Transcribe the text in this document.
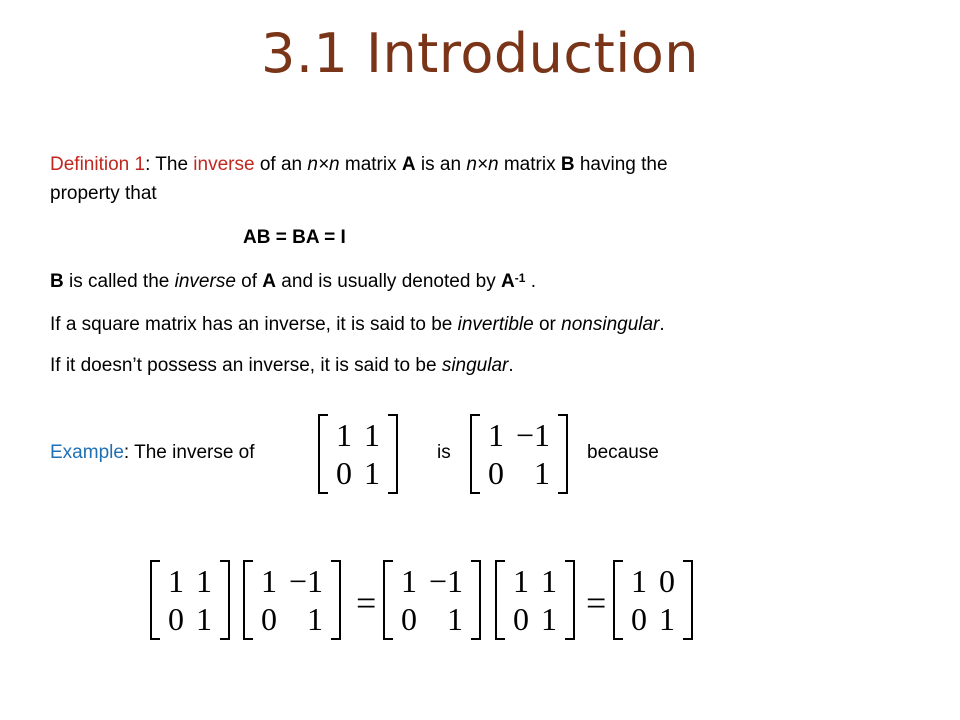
3.1 Introduction
Definition 1: The inverse of an n×n matrix A is an n×n matrix B having the
property that
AB = BA = I
B is called the inverse of A and is usually denoted by $A^{-1}$ .
If a square matrix has an inverse, it is said to be invertible or nonsingular.
If it doesn’t possess an inverse, it is said to be singular.
Example: The inverse of	is	because
1	1
0	1
1	−1
0	1
1	1
0	1
1	−1
0	1 =
1	−1
0	1
1	1
0	1 =
1	0
0	1
